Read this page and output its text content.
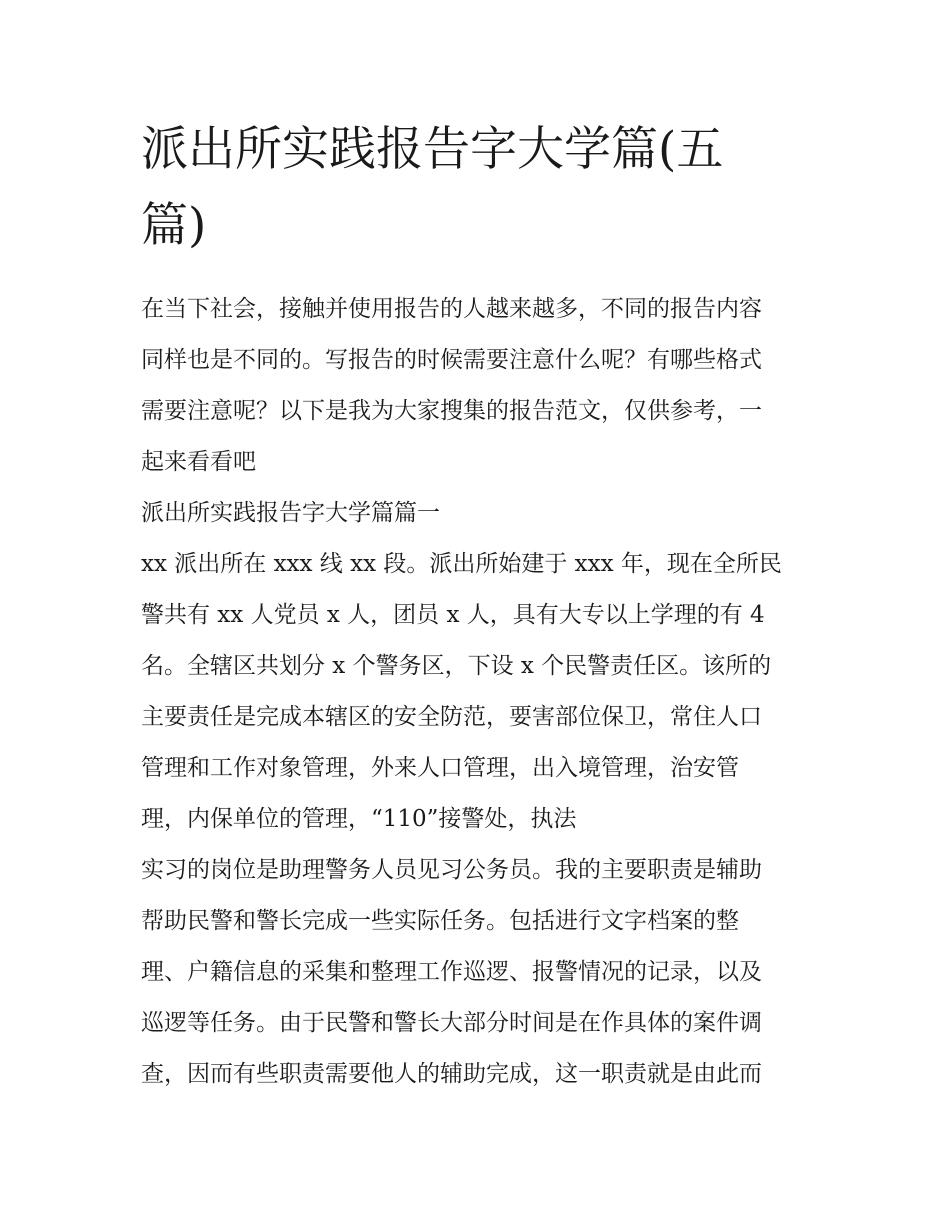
派出所实践报告字大学篇(五
篇)

在当下社会，接触并使用报告的人越来越多，不同的报告内容
同样也是不同的。写报告的时候需要注意什么呢？有哪些格式
需要注意呢？以下是我为大家搜集的报告范文，仅供参考，一
起来看看吧

派出所实践报告字大学篇篇一

xx 派出所在 xxx 线 xx 段。派出所始建于 xxx 年，现在全所民
警共有 xx 人党员 x 人，团员 x 人，具有大专以上学理的有 4
名。全辖区共划分 x 个警务区，下设 x 个民警责任区。该所的
主要责任是完成本辖区的安全防范，要害部位保卫，常住人口
管理和工作对象管理，外来人口管理，出入境管理，治安管
理，内保单位的管理，“110”接警处，执法

实习的岗位是助理警务人员见习公务员。我的主要职责是辅助
帮助民警和警长完成一些实际任务。包括进行文字档案的整
理、户籍信息的采集和整理工作巡逻、报警情况的记录，以及
巡逻等任务。由于民警和警长大部分时间是在作具体的案件调
查，因而有些职责需要他人的辅助完成，这一职责就是由此而
